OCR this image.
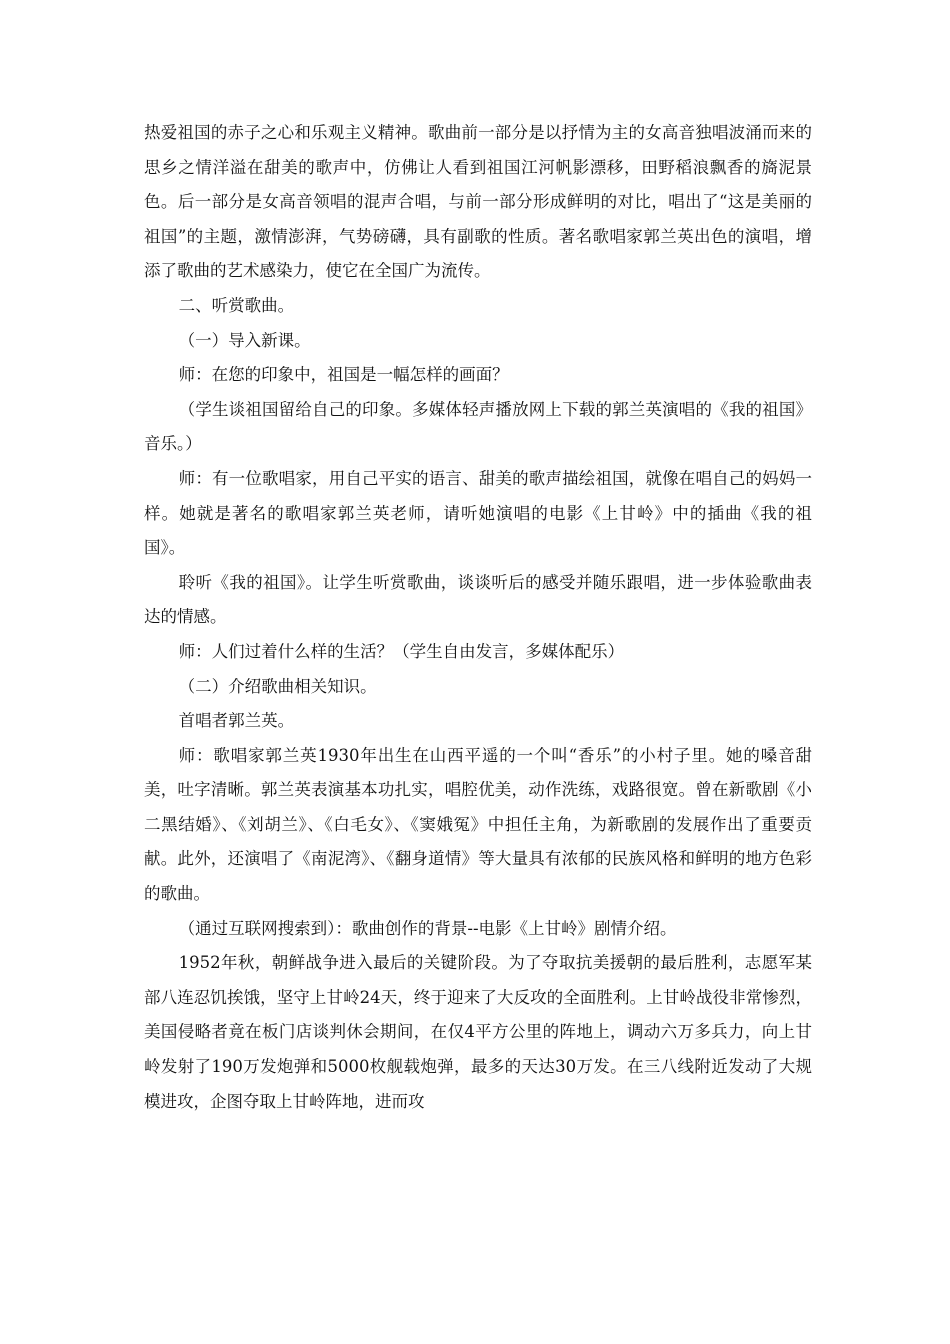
热爱祖国的赤子之心和乐观主义精神。歌曲前一部分是以抒情为主的女高音独唱波涌而来的思乡之情洋溢在甜美的歌声中，仿佛让人看到祖国江河帆影漂移，田野稻浪飘香的旖泥景色。后一部分是女高音领唱的混声合唱，与前一部分形成鲜明的对比，唱出了“这是美丽的祖国”的主题，激情澎湃，气势磅礴，具有副歌的性质。著名歌唱家郭兰英出色的演唱，增添了歌曲的艺术感染力，使它在全国广为流传。

二、听赏歌曲。

（一）导入新课。

师：在您的印象中，祖国是一幅怎样的画面？

（学生谈祖国留给自己的印象。多媒体轻声播放网上下载的郭兰英演唱的《我的祖国》音乐。）

师：有一位歌唱家，用自己平实的语言、甜美的歌声描绘祖国，就像在唱自己的妈妈一样。她就是著名的歌唱家郭兰英老师，请听她演唱的电影《上甘岭》中的插曲《我的祖国》。

聆听《我的祖国》。让学生听赏歌曲，谈谈听后的感受并随乐跟唱，进一步体验歌曲表达的情感。

师：人们过着什么样的生活？（学生自由发言，多媒体配乐）

（二）介绍歌曲相关知识。

首唱者郭兰英。

师：歌唱家郭兰英1930年出生在山西平遥的一个叫“香乐”的小村子里。她的嗓音甜美，吐字清晰。郭兰英表演基本功扎实，唱腔优美，动作洗练，戏路很宽。曾在新歌剧《小二黑结婚》、《刘胡兰》、《白毛女》、《窦娥冤》中担任主角，为新歌剧的发展作出了重要贡献。此外，还演唱了《南泥湾》、《翻身道情》等大量具有浓郁的民族风格和鲜明的地方色彩的歌曲。

（通过互联网搜索到）：歌曲创作的背景--电影《上甘岭》剧情介绍。

1952年秋，朝鲜战争进入最后的关键阶段。为了夺取抗美援朝的最后胜利，志愿军某部八连忍饥挨饿，坚守上甘岭24天，终于迎来了大反攻的全面胜利。上甘岭战役非常惨烈，美国侵略者竟在板门店谈判休会期间，在仅4平方公里的阵地上，调动六万多兵力，向上甘岭发射了190万发炮弹和5000枚舰载炮弹，最多的天达30万发。在三八线附近发动了大规模进攻，企图夺取上甘岭阵地，进而攻
